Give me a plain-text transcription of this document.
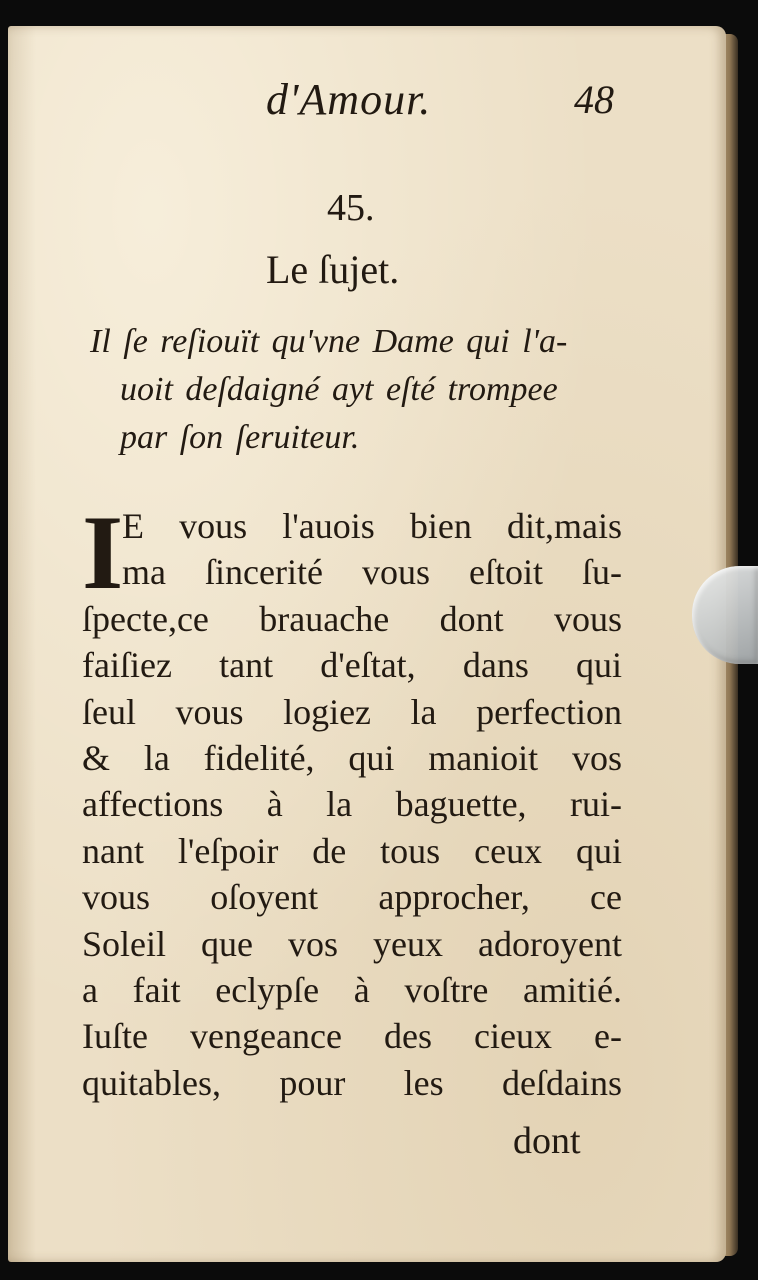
d'Amour.	48
45.
Le ſujet.
Il ſe reſiouït qu'vne Dame qui l'a-
uoit deſdaigné ayt eſté trompee
par ſon ſeruiteur.
I
E vous l'auois bien dit,mais
ma ſincerité vous eſtoit ſu-
ſpecte,ce brauache dont vous
faiſiez tant d'eſtat, dans qui
ſeul vous logiez la perfection
& la fidelité, qui manioit vos
affections à la baguette, rui-
nant l'eſpoir de tous ceux qui
vous oſoyent approcher, ce
Soleil que vos yeux adoroyent
a fait eclypſe à voſtre amitié.
Iuſte vengeance des cieux e-
quitables, pour les deſdains
dont
